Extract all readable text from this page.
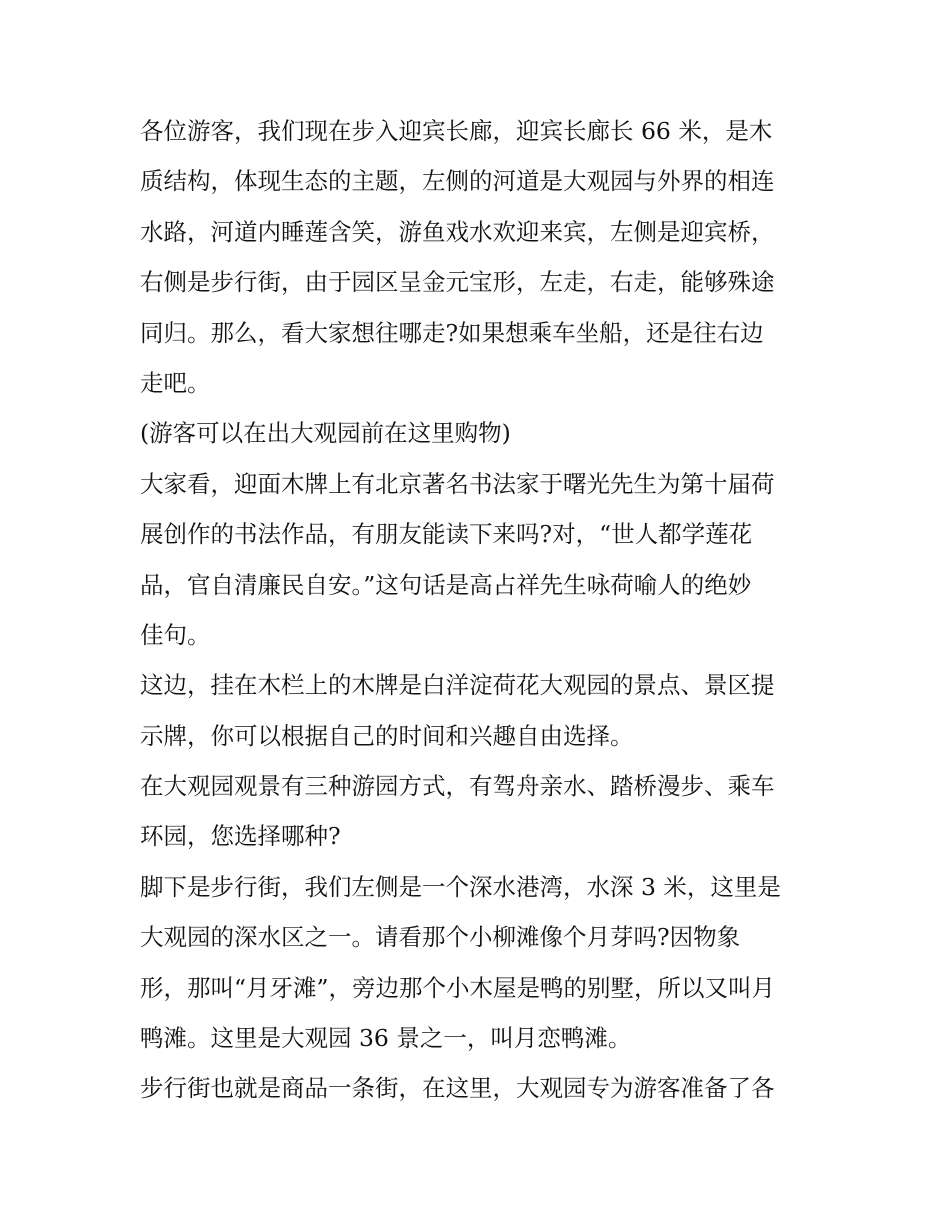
各位游客，我们现在步入迎宾长廊，迎宾长廊长 66 米，是木
质结构，体现生态的主题，左侧的河道是大观园与外界的相连
水路，河道内睡莲含笑，游鱼戏水欢迎来宾，左侧是迎宾桥，
右侧是步行街，由于园区呈金元宝形，左走，右走，能够殊途
同归。那么，看大家想往哪走?如果想乘车坐船，还是往右边
走吧。
(游客可以在出大观园前在这里购物)
大家看，迎面木牌上有北京著名书法家于曙光先生为第十届荷
展创作的书法作品，有朋友能读下来吗?对，“世人都学莲花
品，官自清廉民自安。”这句话是高占祥先生咏荷喻人的绝妙
佳句。
这边，挂在木栏上的木牌是白洋淀荷花大观园的景点、景区提
示牌，你可以根据自己的时间和兴趣自由选择。
在大观园观景有三种游园方式，有驾舟亲水、踏桥漫步、乘车
环园，您选择哪种?
脚下是步行街，我们左侧是一个深水港湾，水深 3 米，这里是
大观园的深水区之一。请看那个小柳滩像个月芽吗?因物象
形，那叫“月牙滩”，旁边那个小木屋是鸭的别墅，所以又叫月
鸭滩。这里是大观园 36 景之一，叫月恋鸭滩。
步行街也就是商品一条街，在这里，大观园专为游客准备了各
